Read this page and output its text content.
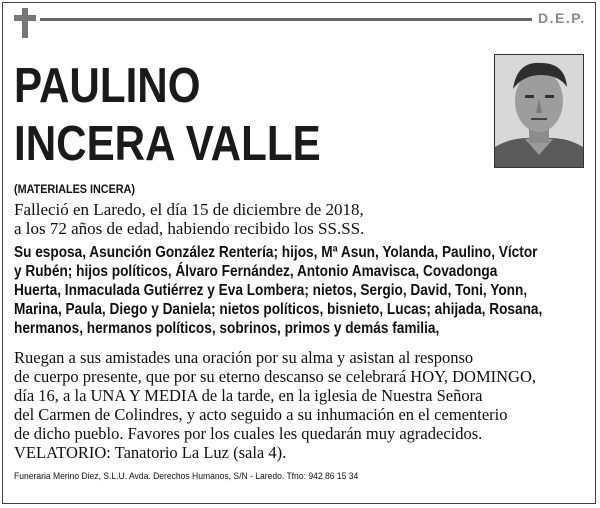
D.E.P.
PAULINO
INCERA VALLE
(MATERIALES INCERA)
Falleció en Laredo, el día 15 de diciembre de 2018,
a los 72 años de edad, habiendo recibido los SS.SS.
Su esposa, Asunción González Rentería; hijos, Mª Asun, Yolanda, Paulino, Víctor
y Rubén; hijos políticos, Álvaro Fernández, Antonio Amavisca, Covadonga
Huerta, Inmaculada Gutiérrez y Eva Lombera; nietos, Sergio, David, Toni, Yonn,
Marina, Paula, Diego y Daniela; nietos políticos, bisnieto, Lucas; ahijada, Rosana,
hermanos, hermanos políticos, sobrinos, primos y demás familia,
Ruegan a sus amistades una oración por su alma y asistan al responso
de cuerpo presente, que por su eterno descanso se celebrará HOY, DOMINGO,
día 16, a la UNA Y MEDIA de la tarde, en la iglesia de Nuestra Señora
del Carmen de Colindres, y acto seguido a su inhumación en el cementerio
de dicho pueblo. Favores por los cuales les quedarán muy agradecidos.
VELATORIO: Tanatorio La Luz (sala 4).
Funeraria Merino Diez, S.L.U. Avda. Derechos Humanos, S/N - Laredo. Tfno: 942 86 15 34
